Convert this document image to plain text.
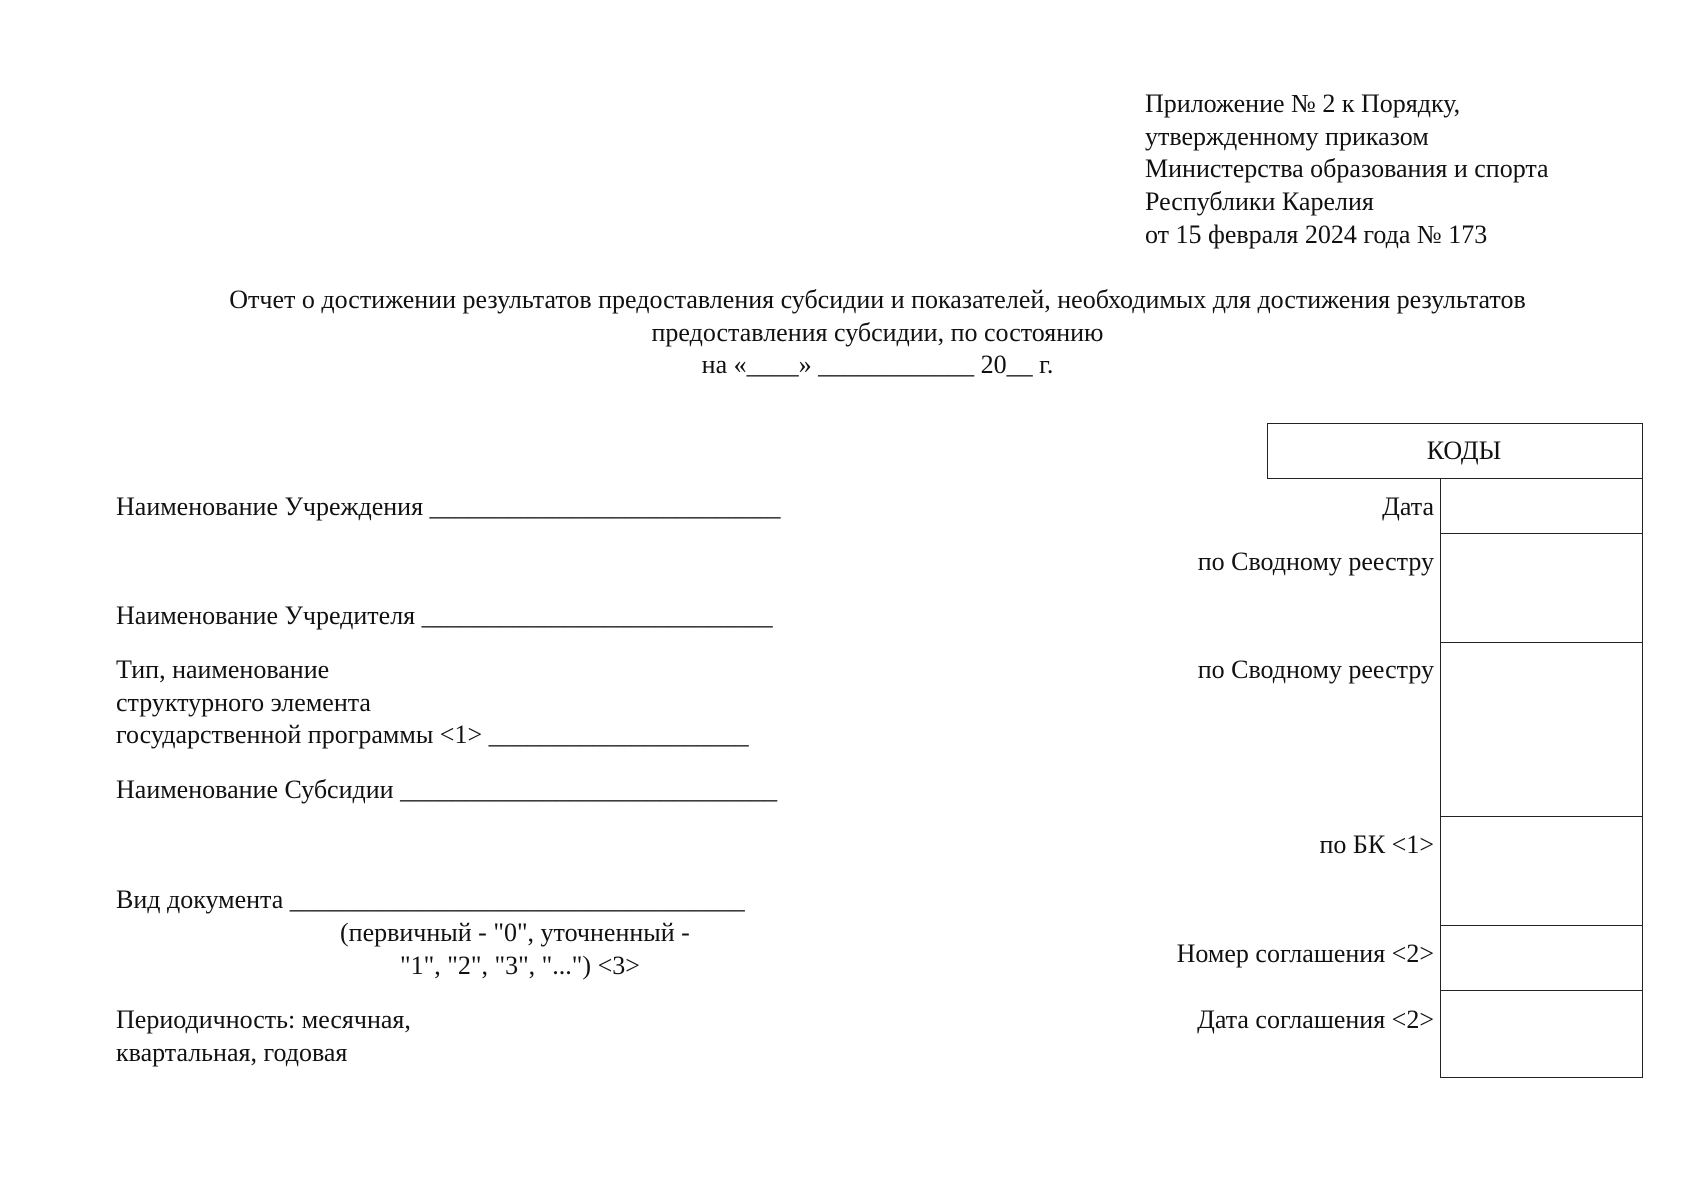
Приложение № 2 к Порядку,
утвержденному приказом
Министерства образования и спорта
Республики Карелия
от 15 февраля 2024 года № 173
Отчет о достижении результатов предоставления субсидии и показателей, необходимых для достижения результатов
предоставления субсидии, по состоянию
на «____» ____________ 20__ г.
Наименование Учреждения ___________________________
Наименование Учредителя ___________________________
Тип, наименование
структурного элемента
государственной программы <1> ____________________
Наименование Субсидии _____________________________
Вид документа ___________________________________
(первичный - "0", уточненный -
"1", "2", "3", "...") <3>
Периодичность: месячная,
квартальная, годовая
КОДЫ
Дата
по Сводному реестру
по Сводному реестру
по БК <1>
Номер соглашения <2>
Дата соглашения <2>
